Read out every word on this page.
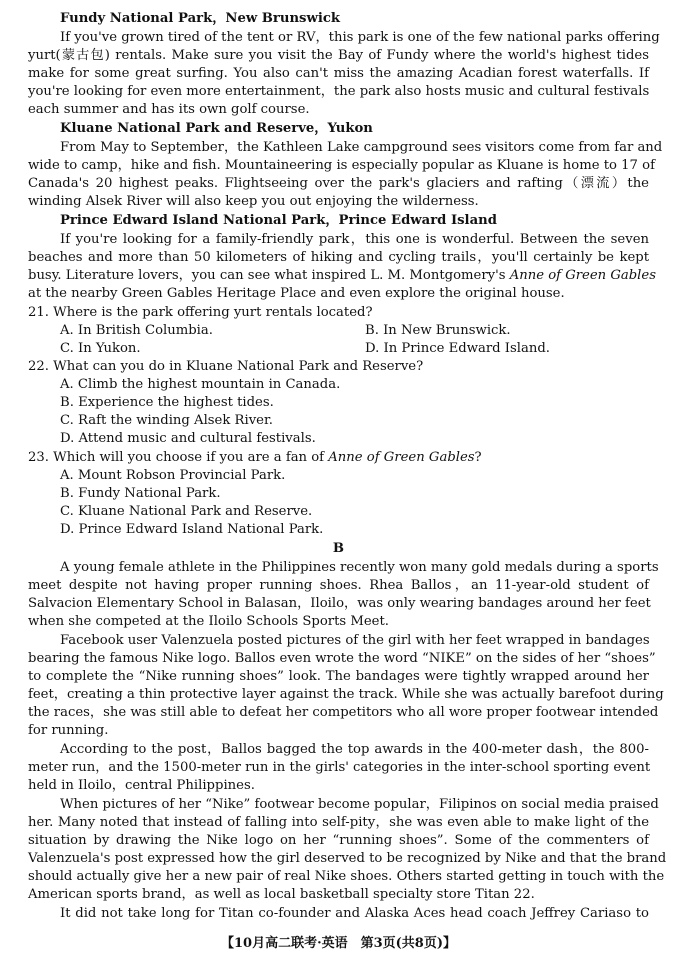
Fundy National Park，New Brunswick
If you've grown tired of the tent or RV，this park is one of the few national parks offering
yurt(蒙古包) rentals. Make sure you visit the Bay of Fundy where the world's highest tides
make for some great surfing. You also can't miss the amazing Acadian forest waterfalls. If
you're looking for even more entertainment，the park also hosts music and cultural festivals
each summer and has its own golf course.
Kluane National Park and Reserve，Yukon
From May to September，the Kathleen Lake campground sees visitors come from far and
wide to camp，hike and fish. Mountaineering is especially popular as Kluane is home to 17 of
Canada's 20 highest peaks. Flightseeing over the park's glaciers and rafting（漂流）the
winding Alsek River will also keep you out enjoying the wilderness.
Prince Edward Island National Park，Prince Edward Island
If you're looking for a family-friendly park，this one is wonderful. Between the seven
beaches and more than 50 kilometers of hiking and cycling trails，you'll certainly be kept
busy. Literature lovers，you can see what inspired L. M. Montgomery's Anne of Green Gables
at the nearby Green Gables Heritage Place and even explore the original house.
21. Where is the park offering yurt rentals located?
A. In British Columbia.	B. In New Brunswick.
C. In Yukon.	D. In Prince Edward Island.
22. What can you do in Kluane National Park and Reserve?
A. Climb the highest mountain in Canada.
B. Experience the highest tides.
C. Raft the winding Alsek River.
D. Attend music and cultural festivals.
23. Which will you choose if you are a fan of Anne of Green Gables?
A. Mount Robson Provincial Park.
B. Fundy National Park.
C. Kluane National Park and Reserve.
D. Prince Edward Island National Park.
B
A young female athlete in the Philippines recently won many gold medals during a sports
meet despite not having proper running shoes. Rhea Ballos，an 11-year-old student of
Salvacion Elementary School in Balasan，Iloilo，was only wearing bandages around her feet
when she competed at the Iloilo Schools Sports Meet.
Facebook user Valenzuela posted pictures of the girl with her feet wrapped in bandages
bearing the famous Nike logo. Ballos even wrote the word “NIKE” on the sides of her “shoes”
to complete the “Nike running shoes” look. The bandages were tightly wrapped around her
feet，creating a thin protective layer against the track. While she was actually barefoot during
the races，she was still able to defeat her competitors who all wore proper footwear intended
for running.
According to the post，Ballos bagged the top awards in the 400-meter dash，the 800-
meter run，and the 1500-meter run in the girls' categories in the inter-school sporting event
held in Iloilo，central Philippines.
When pictures of her “Nike” footwear become popular，Filipinos on social media praised
her. Many noted that instead of falling into self-pity，she was even able to make light of the
situation by drawing the Nike logo on her “running shoes”. Some of the commenters of
Valenzuela's post expressed how the girl deserved to be recognized by Nike and that the brand
should actually give her a new pair of real Nike shoes. Others started getting in touch with the
American sports brand，as well as local basketball specialty store Titan 22.
It did not take long for Titan co-founder and Alaska Aces head coach Jeffrey Cariaso to
【10月高二联考·英语　第3页(共8页)】
